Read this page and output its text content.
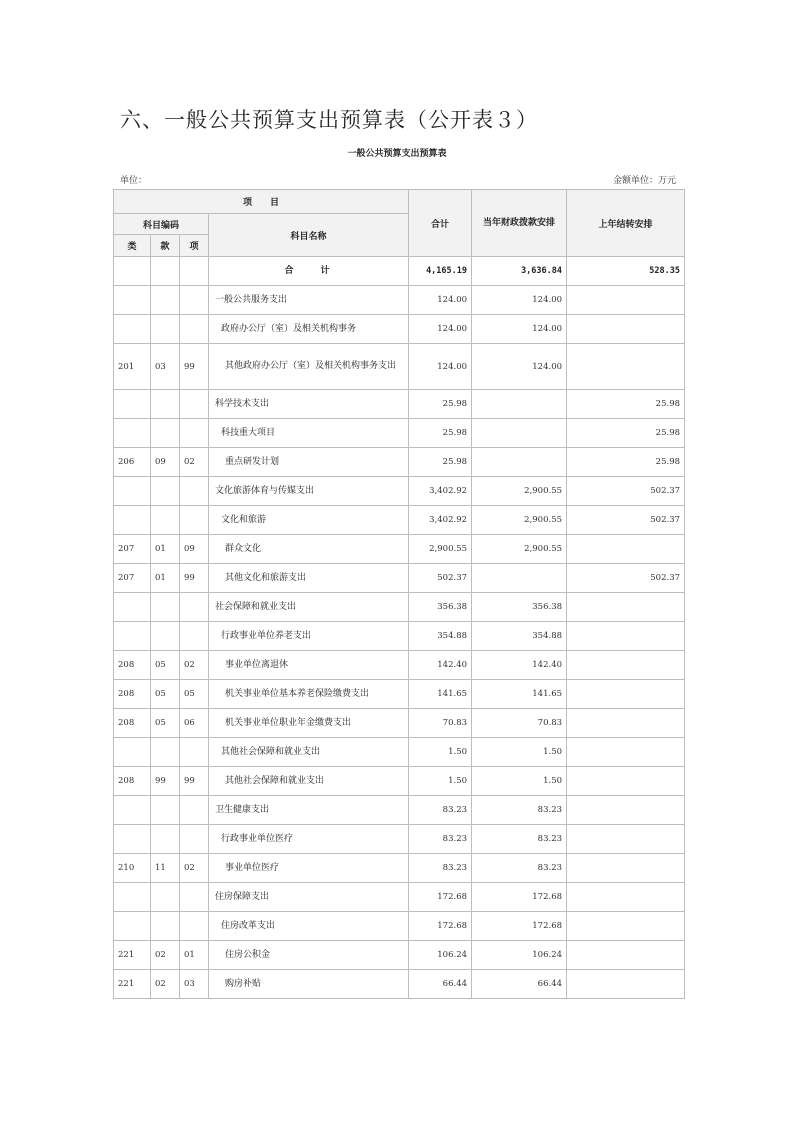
六、一般公共预算支出预算表（公开表３）
一般公共预算支出预算表
单位：	金额单位：万元
项　　目				合计	当年财政拨款安排	上年结转安排
科目编码			科目名称			
类	款	项				
			合　　计	4,165.19	3,636.84	528.35
			一般公共服务支出	124.00	124.00	
			政府办公厅（室）及相关机构事务	124.00	124.00	
201	03	99	其他政府办公厅（室）及相关机构事务支出	124.00	124.00	
			科学技术支出	25.98		25.98
			科技重大项目	25.98		25.98
206	09	02	重点研发计划	25.98		25.98
			文化旅游体育与传媒支出	3,402.92	2,900.55	502.37
			文化和旅游	3,402.92	2,900.55	502.37
207	01	09	群众文化	2,900.55	2,900.55	
207	01	99	其他文化和旅游支出	502.37		502.37
			社会保障和就业支出	356.38	356.38	
			行政事业单位养老支出	354.88	354.88	
208	05	02	事业单位离退休	142.40	142.40	
208	05	05	机关事业单位基本养老保险缴费支出	141.65	141.65	
208	05	06	机关事业单位职业年金缴费支出	70.83	70.83	
			其他社会保障和就业支出	1.50	1.50	
208	99	99	其他社会保障和就业支出	1.50	1.50	
			卫生健康支出	83.23	83.23	
			行政事业单位医疗	83.23	83.23	
210	11	02	事业单位医疗	83.23	83.23	
			住房保障支出	172.68	172.68	
			住房改革支出	172.68	172.68	
221	02	01	住房公积金	106.24	106.24	
221	02	03	购房补贴	66.44	66.44	
